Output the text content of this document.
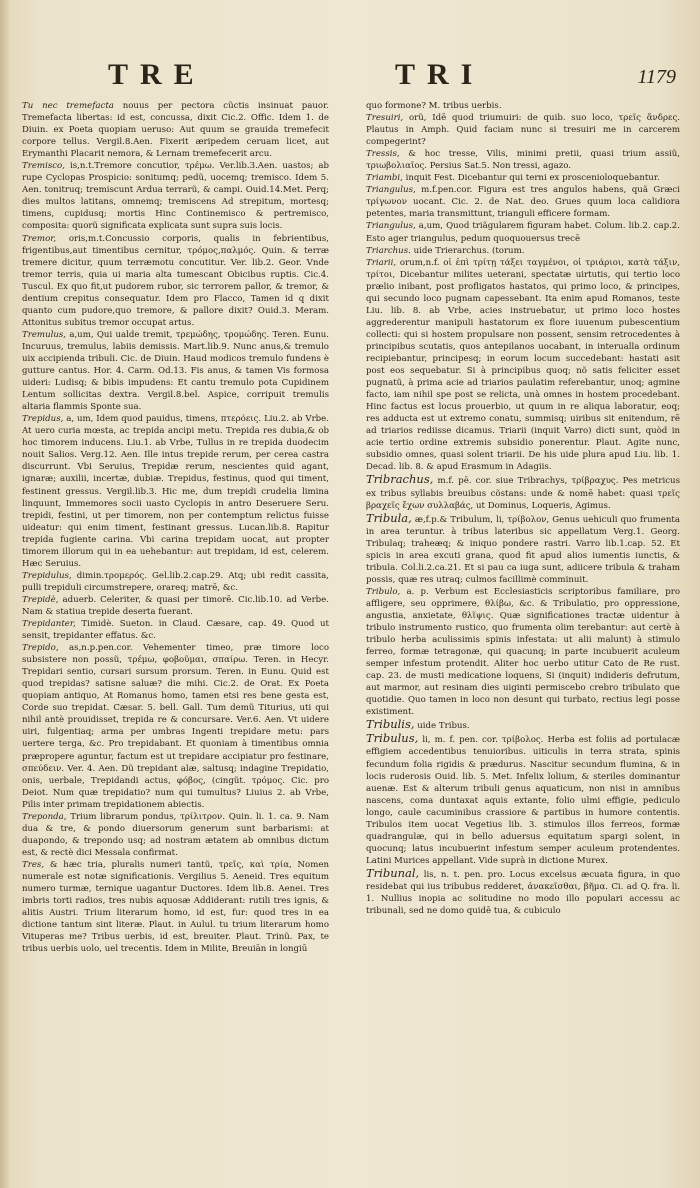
TRE	TRI	1179

Tu nec tremefacta nouus per pectora cũctis insinuat pauor. Tremefacta libertas: id est, concussa, dixit Cic.2. Offic. Idem 1. de Diuin. ex Poeta quopiam ueruso: Aut quum se grauida tremefecit corpore tellus. Vergil.8.Aen. Fixerit æripedem ceruam licet, aut Erymanthi Placarit nemora, & Lernam tremefecerit arcu.

Tremisco, is,n.t.Tremore concutior, τρέμω. Ver.lib.3.Aen. uastos; ab rupe Cyclopas Prospicio: sonitumq; pedũ, uocemq; tremisco. Idem 5. Aen. tonitruq; tremiscunt Ardua terrarũ, & campi. Ouid.14.Met. Perq; dies multos latitans, omnemq; tremiscens Ad strepitum, mortesq; timens, cupidusq; mortis Hinc Continemisco & pertremisco, composita: quorũ significata explicata sunt supra suis locis.

Tremor, oris,m.t.Concussio corporis, qualis in febrientibus, frigentibus,aut timentibus cernitur, τρόμος,παλμός. Quin. & terræ tremere dicitur, quum terræmotu concutitur. Ver. lib.2. Geor. Vnde tremor terris, quia ui maria alta tumescant Obicibus ruptis. Cic.4. Tuscul. Ex quo fit,ut pudorem rubor, sic terrorem pallor, & tremor, & dentium crepitus consequatur. Idem pro Flacco, Tamen id q dixit quanto cum pudore,quo tremore, & pallore dixit? Ouid.3. Meram. Attonitus subitus tremor occupat artus.

Tremulus, a,um, Qui ualde tremit, τρεμώδης, τρομώδης. Teren. Eunu. Incuruus, tremulus, labiis demissis. Mart.lib.9. Nunc anus,& tremulo uix accipienda tribuli. Cic. de Diuin. Haud modicos tremulo fundens è gutture cantus. Hor. 4. Carm. Od.13. Fis anus, & tamen Vis formosa uideri: Ludisq; & bibis impudens: Et cantu tremulo pota Cupidinem Lentum sollicitas dextra. Vergil.8.bel. Aspice, corripuit tremulis altaria flammis Sponte sua.

Trepidus, a, um, Idem quod pauidus, timens, πτερόεις. Liu.2. ab Vrbe. At uero curia mœsta, ac trepida ancipi metu. Trepida res dubia,& ob hoc timorem inducens. Liu.1. ab Vrbe, Tullus in re trepida duodecim nouit Salios. Verg.12. Aen. Ille intus trepide rerum, per cerea castra discurrunt. Vbi Seruius, Trepidæ rerum, nescientes quid agant, ignaræ; auxilii, incertæ, dubiæ. Trepidus, festinus, quod qui timent, festinent gressus. Vergil.lib.3. Hic me, dum trepidi crudelia limina linquunt, Immemores socii uasto Cyclopis in antro Deseruere Seru. trepidi, festini, ut per timorem, non per contemptum relictus fuisse uideatur: qui enim timent, festinant gressus. Lucan.lib.8. Rapitur trepida fugiente carina. Vbi carina trepidam uocat, aut propter timorem illorum qui in ea uehebantur: aut trepidam, id est, celerem. Hæc Seruius.

Trepidulus, dimin.τρομερός. Gel.lib.2.cap.29. Atq; ubi redit cassita, pulli trepiduli circumstrepere, orareq; matrē, &c.

Trepidè, aduerb. Celeriter, & quasi per timorē. Cic.lib.10. ad Verbe. Nam & statiua trepide deserta fuerant.

Trepidanter, Timidè. Sueton. in Claud. Cæsare, cap. 49. Quod ut sensit, trepidanter effatus. &c.

Trepido, as,n.p.pen.cor. Vehementer timeo, præ timore loco subsistere non possũ, τρέμω, φοβοῦμαι, σπαίρω. Teren. in Hecyr. Trepidari sentio, cursari sursum prorsum. Teren. in Eunu. Quid est quod trepidas? satisne saluæ? die mihi. Cic.2. de Orat. Ex Poeta quopiam antiquo, At Romanus homo, tamen etsi res bene gesta est, Corde suo trepidat. Cæsar. 5. bell. Gall. Tum demũ Titurius, uti qui nihil antè prouidisset, trepida re & concursare. Ver.6. Aen. Vt uidere uiri, fulgentiaq; arma per umbras Ingenti trepidare metu: pars uertere terga, &c. Pro trepidabant. Et quoniam à timentibus omnia præpropere aguntur, factum est ut trepidare accipiatur pro festinare, σπεύδειν. Ver. 4. Aen. Dũ trepidant alæ, saltusq; indagine Trepidatio, onis, uerbale, Trepidandi actus, φόβος, (cingũt. τρόμος. Cic. pro Deiot. Num quæ trepidatio? num qui tumultus? Liuius 2. ab Vrbe, Pilis inter primam trepidationem abiectis.

Treponda, Trium librarum pondus, τρίλιτρον. Quin. li. 1. ca. 9. Nam dua & tre, & pondo diuersorum generum sunt barbarismi: at duapondo, & trepondo usq; ad nostram ætatem ab omnibus dictum est, & rectè dici Messala confirmat.

Tres, & hæc tria, pluralis numeri tantũ, τρεῖς, καὶ τρία, Nomen numerale est notæ significationis. Vergilius 5. Aeneid. Tres equitum numero turmæ, ternique uagantur Ductores. Idem lib.8. Aenei. Tres imbris torti radios, tres nubis aquosæ Addiderant: rutili tres ignis, & alitis Austri. Trium literarum homo, id est, fur: quod tres in ea dictione tantum sint literæ. Plaut. in Aulul. tu trium literarum homo Vituperas me? Tribus uerbis, id est, breuiter. Plaut. Trinũ. Pax, te tribus uerbis uolo, uel trecentis. Idem in Milite, Breuiān in longiū

quo formone? M. tribus uerbis.

Tresuiri, orũ, Idē quod triumuiri: de quib. suo loco, τρεῖς ἄνδρες. Plautus in Amph. Quid faciam nunc si tresuiri me in carcerem compegerint?

Tressis, & hoc tresse, Vilis, minimi pretii, quasi trium assiũ, τριωβολιαῖος. Persius Sat.5. Non tressi, agazo.

Triambi, inquit Fest. Dicebantur qui terni ex prosceniоloquebantur.

Triangulus, m.f.pen.cor. Figura est tres angulos habens, quã Græci τρίγωνον uocant. Cic. 2. de Nat. deo. Grues quum loca calidiora petentes, maria transmittunt, trianguli efficere formam.

Triangulus, a,um, Quod triãgularem figuram habet. Colum. lib.2. cap.2. Esto ager triangulus, pedum quoquouersus trecē

Triarchus. uide Trierarchus. (torum.

Triarii, orum,n.f. οἱ ἐπὶ τρίτῃ τάξει ταγμένοι, οἱ τριάριοι, κατὰ τάξιν, τρίτοι, Dicebantur milites ueterani, spectatæ uirtutis, qui tertio loco prælio inibant, post profligatos hastatos, qui primo loco, & principes, qui secundo loco pugnam capessebant. Ita enim apud Romanos, teste Liu. lib. 8. ab Vrbe, acies instruebatur, ut primo loco hostes aggrederentur manipuli hastatorum ex flore iuuenum pubescentium collecti: qui si hostem propulsare non possent, sensim retrocedentes à principibus scutatis, quos antepilanos uocabant, in interualla ordinum recipiebantur, principesq; in eorum locum succedebant: hastati asit post eos sequebatur. Si à principibus quoq; nõ satis feliciter esset pugnatũ, à prima acie ad triarios paulatim referebantur, unoq; agmine facto, iam nihil spe post se relicta, unà omnes in hostem procedebant. Hinc factus est locus prouerbio, ut quum in re aliqua laboratur, eoq; res adducta est ut extremo conatu, summisq; uiribus sit enitendum, rē ad triarios rediisse dicamus. Triarii (inquit Varro) dicti sunt, quòd in acie tertio ordine extremis subsidio ponerentur. Plaut. Agite nunc, subsidio omnes, quasi solent triarii. De his uide plura apud Liu. lib. 1. Decad. lib. 8. & apud Erasmum in Adagiis.

Tribrachus, m.f. pē. cor. siue Tribrachys, τρίβραχυς. Pes metricus ex tribus syllabis breuibus cõstans: unde & nomē habet: quasi τρεῖς βραχεῖς ἔχων συλλαβάς, ut Dominus, Loqueris, Agimus.

Tribula, æ,f.p.& Tribulum, li, τρίβολον, Genus uehiculi quo frumenta in area teruntur. à tribus lateribus sic appellatum Verg.1. Georg. Tribulaq; traheæq; & iniquo pondere rastri. Varro lib.1.cap. 52. Et spicis in area excuti grana, quod fit apud alios iumentis iunctis, & tribula. Col.li.2.ca.21. Et si pau ca iuga sunt, adiicere tribula & traham possis, quæ res utraq; culmos facillimè comminuit.

Tribulo, a. p. Verbum est Ecclesiasticis scriptoribus familiare, pro affligere, seu opprimere, θλίβω, &c. & Tribulatio, pro oppressione, angustia, anxietate, θλῖψις. Quæ significationes tractæ uidentur à tribulo instrumento rustico, quo frumenta olim terebantur: aut certè à tribulo herba aculissimis spinis infestata: ut alii malunt) à stimulo ferreo, formæ tetragonæ, qui quacunq; in parte incubuerit aculeum semper infestum protendit. Aliter hoc uerbo utitur Cato de Re rust. cap. 23. de musti medicatione loquens, Si (inquit) indideris defrutum, aut marmor, aut resinam dies uiginti permiscebo crebro tribulato que quotidie. Quo tamen in loco non desunt qui turbato, rectius legi posse existiment.

Tribulis, uide Tribus.

Tribulus, li, m. f. pen. cor. τρίβολος. Herba est foliis ad portulacæ effigiem accedentibus tenuioribus. uiticulis in terra strata, spinis fecundum folia rigidis & prædurus. Nascitur secundum flumina, & in locis ruderosis Ouid. lib. 5. Met. Infelix lolium, & steriles dominantur auenæ. Est & alterum tribuli genus aquaticum, non nisi in amnibus nascens, coma duntaxat aquis extante, folio ulmi effigie, pediculo longo, caule cacuminibus crassiore & partibus in humore contentis. Tribulos item uocat Vegetius lib. 3. stimulos illos ferreos, formæ quadrangulæ, qui in bello aduersus equitatum spargi solent, in quocunq; latus incubuerint infestum semper aculeum protendentes. Latini Murices appellant. Vide suprà in dictione Murex.

Tribunal, lis, n. t. pen. pro. Locus excelsus æcuata figura, in quo residebat qui ius tribubus redderet, ἀνακεῖσθαι, βῆμα. Ci. ad Q. fra. li. 1. Nullius inopia ac solitudine no modo illo populari accessu ac tribunali, sed ne domo quidē tua, & cubiculo
